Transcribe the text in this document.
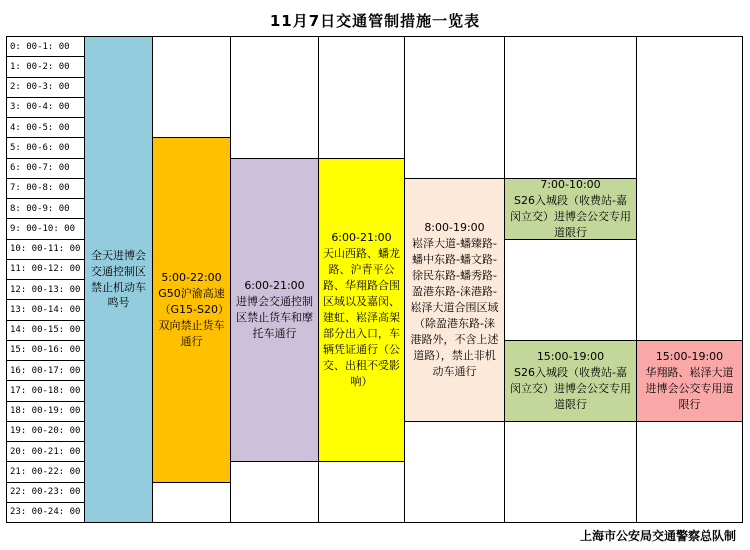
11月7日交通管制措施一览表
0: 00-1: 00
1: 00-2: 00
2: 00-3: 00
3: 00-4: 00
4: 00-5: 00
5: 00-6: 00
6: 00-7: 00
7: 00-8: 00
8: 00-9: 00
9: 00-10: 00
10: 00-11: 00
11: 00-12: 00
12: 00-13: 00
13: 00-14: 00
14: 00-15: 00
15: 00-16: 00
16: 00-17: 00
17: 00-18: 00
18: 00-19: 00
19: 00-20: 00
20: 00-21: 00
21: 00-22: 00
22: 00-23: 00
23: 00-24: 00
全天进博会交通控制区禁止机动车鸣号
5:00-22:00
G50沪渝高速（G15-S20）双向禁止货车通行
6:00-21:00
进博会交通控制区禁止货车和摩托车通行
6:00-21:00
天山西路、蟠龙路、沪青平公路、华翔路合围区域以及嘉闵、建虹、崧泽高架部分出入口，车辆凭证通行（公交、出租不受影响）
8:00-19:00
崧泽大道-蟠臻路-蟠中东路-蟠文路-徐民东路-蟠秀路-盈港东路-涞港路-崧泽大道合围区域（除盈港东路-涞港路外，不含上述道路），禁止非机动车通行
7:00-10:00
S26入城段（收费站-嘉闵立交）进博会公交专用道限行
15:00-19:00
S26入城段（收费站-嘉闵立交）进博会公交专用道限行
15:00-19:00
华翔路、崧泽大道进博会公交专用道限行
上海市公安局交通警察总队制
